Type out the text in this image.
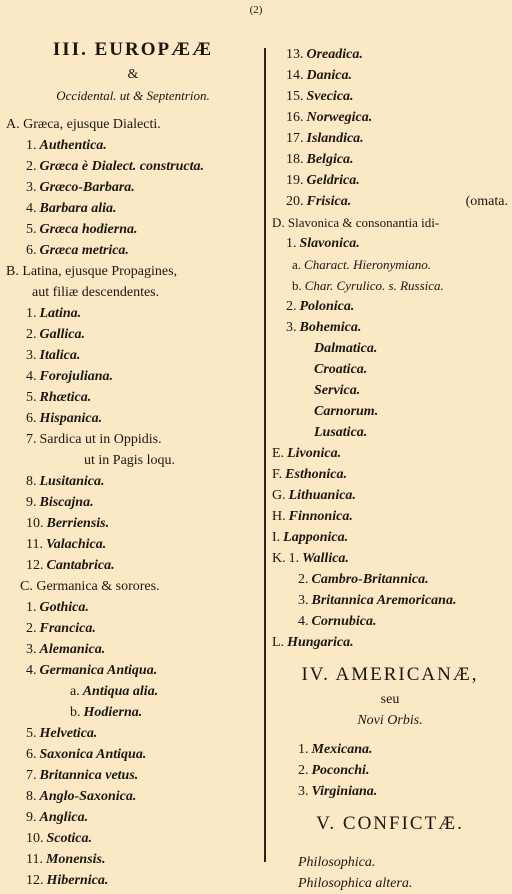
(2)
III. EUROPÆÆ
&
Occidental. ut & Septentrion.
A. Græca, ejusque Dialecti.
1. Authentica.
2. Græca è Dialect. constructa.
3. Græco-Barbara.
4. Barbara alia.
5. Græca hodierna.
6. Græca metrica.
B. Latina, ejusque Propagines,
aut filiæ descendentes.
1. Latina.
2. Gallica.
3. Italica.
4. Forojuliana.
5. Rhætica.
6. Hispanica.
7. Sardica ut in Oppidis.
ut in Pagis loqu.
8. Lusitanica.
9. Biscajna.
10. Berriensis.
11. Valachica.
12. Cantabrica.
C. Germanica & sorores.
1. Gothica.
2. Francica.
3. Alemanica.
4. Germanica Antiqua.
a. Antiqua alia.
b. Hodierna.
5. Helvetica.
6. Saxonica Antiqua.
7. Britannica vetus.
8. Anglo-Saxonica.
9. Anglica.
10. Scotica.
11. Monensis.
12. Hibernica.
13. Oreadica.
14. Danica.
15. Svecica.
16. Norwegica.
17. Islandica.
18. Belgica.
19. Geldrica.
20. Frisica.	(omata.
D. Slavonica & consonantia idi-
1. Slavonica.
a. Charact. Hieronymiano.
b. Char. Cyrulico. s. Russica.
2. Polonica.
3. Bohemica.
Dalmatica.
Croatica.
Servica.
Carnorum.
Lusatica.
E. Livonica.
F. Esthonica.
G. Lithuanica.
H. Finnonica.
I. Lapponica.
K. 1. Wallica.
2. Cambro-Britannica.
3. Britannica Aremoricana.
4. Cornubica.
L. Hungarica.
IV. AMERICANÆ,
seu
Novi Orbis.
1. Mexicana.
2. Poconchi.
3. Virginiana.
V. CONFICTÆ.
Philosophica.
Philosophica altera.
